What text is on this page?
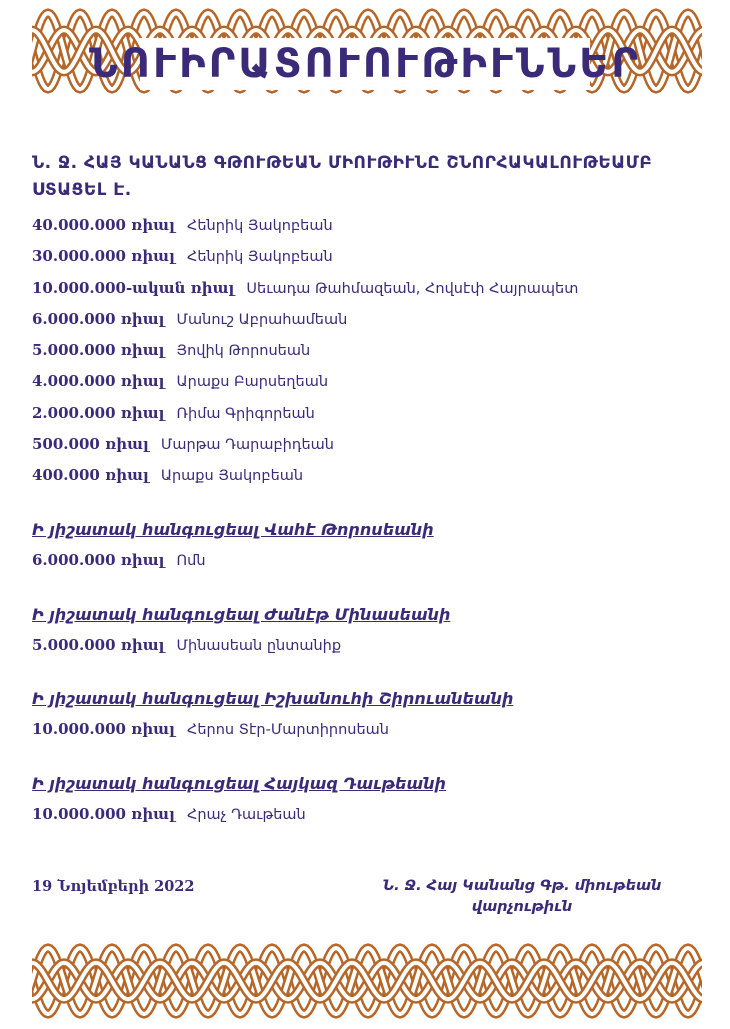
ՆՈՒԻՐԱՏՈՒՈՒԹԻՒՆՆԵՐ
Ն. Ջ. ՀԱՅ ԿԱՆԱՆՑ ԳԹՈՒԹԵԱՆ ՄԻՈՒԹԻՒՆԸ ՇՆՈՐՀԱԿԱԼՈՒԹԵԱՄԲ ՍՏԱՑԵԼ Է.
40.000.000 ռիալ Հենրիկ Յակոբեան
30.000.000 ռիալ Հենրիկ Յակոբեան
10.000.000-ական ռիալ Սեւադա Թահմազեան, Հովսէփ Հայրապետ
6.000.000 ռիալ Մանուշ Աբրահամեան
5.000.000 ռիալ Յովիկ Թորոսեան
4.000.000 ռիալ Արաքս Բարսեղեան
2.000.000 ռիալ Ռիմա Գրիգորեան
500.000 ռիալ Մարթա Դարաբիդեան
400.000 ռիալ Արաքս Յակոբեան
Ի յիշատակ հանգուցեալ Վահէ Թորոսեանի
6.000.000 ռիալ Ոմն
Ի յիշատակ հանգուցեալ Ժանէթ Մինասեանի
5.000.000 ռիալ Մինասեան ընտանիք
Ի յիշատակ հանգուցեալ Իշխանուհի Շիրուանեանի
10.000.000 ռիալ Հերոս Տէր-Մարտիրոսեան
Ի յիշատակ հանգուցեալ Հայկազ Դաւթեանի
10.000.000 ռիալ Հրաչ Դաւթեան
19 Նոյեմբերի 2022	Ն. Ջ. Հայ Կանանց Գթ. միութեան
վարչութիւն
